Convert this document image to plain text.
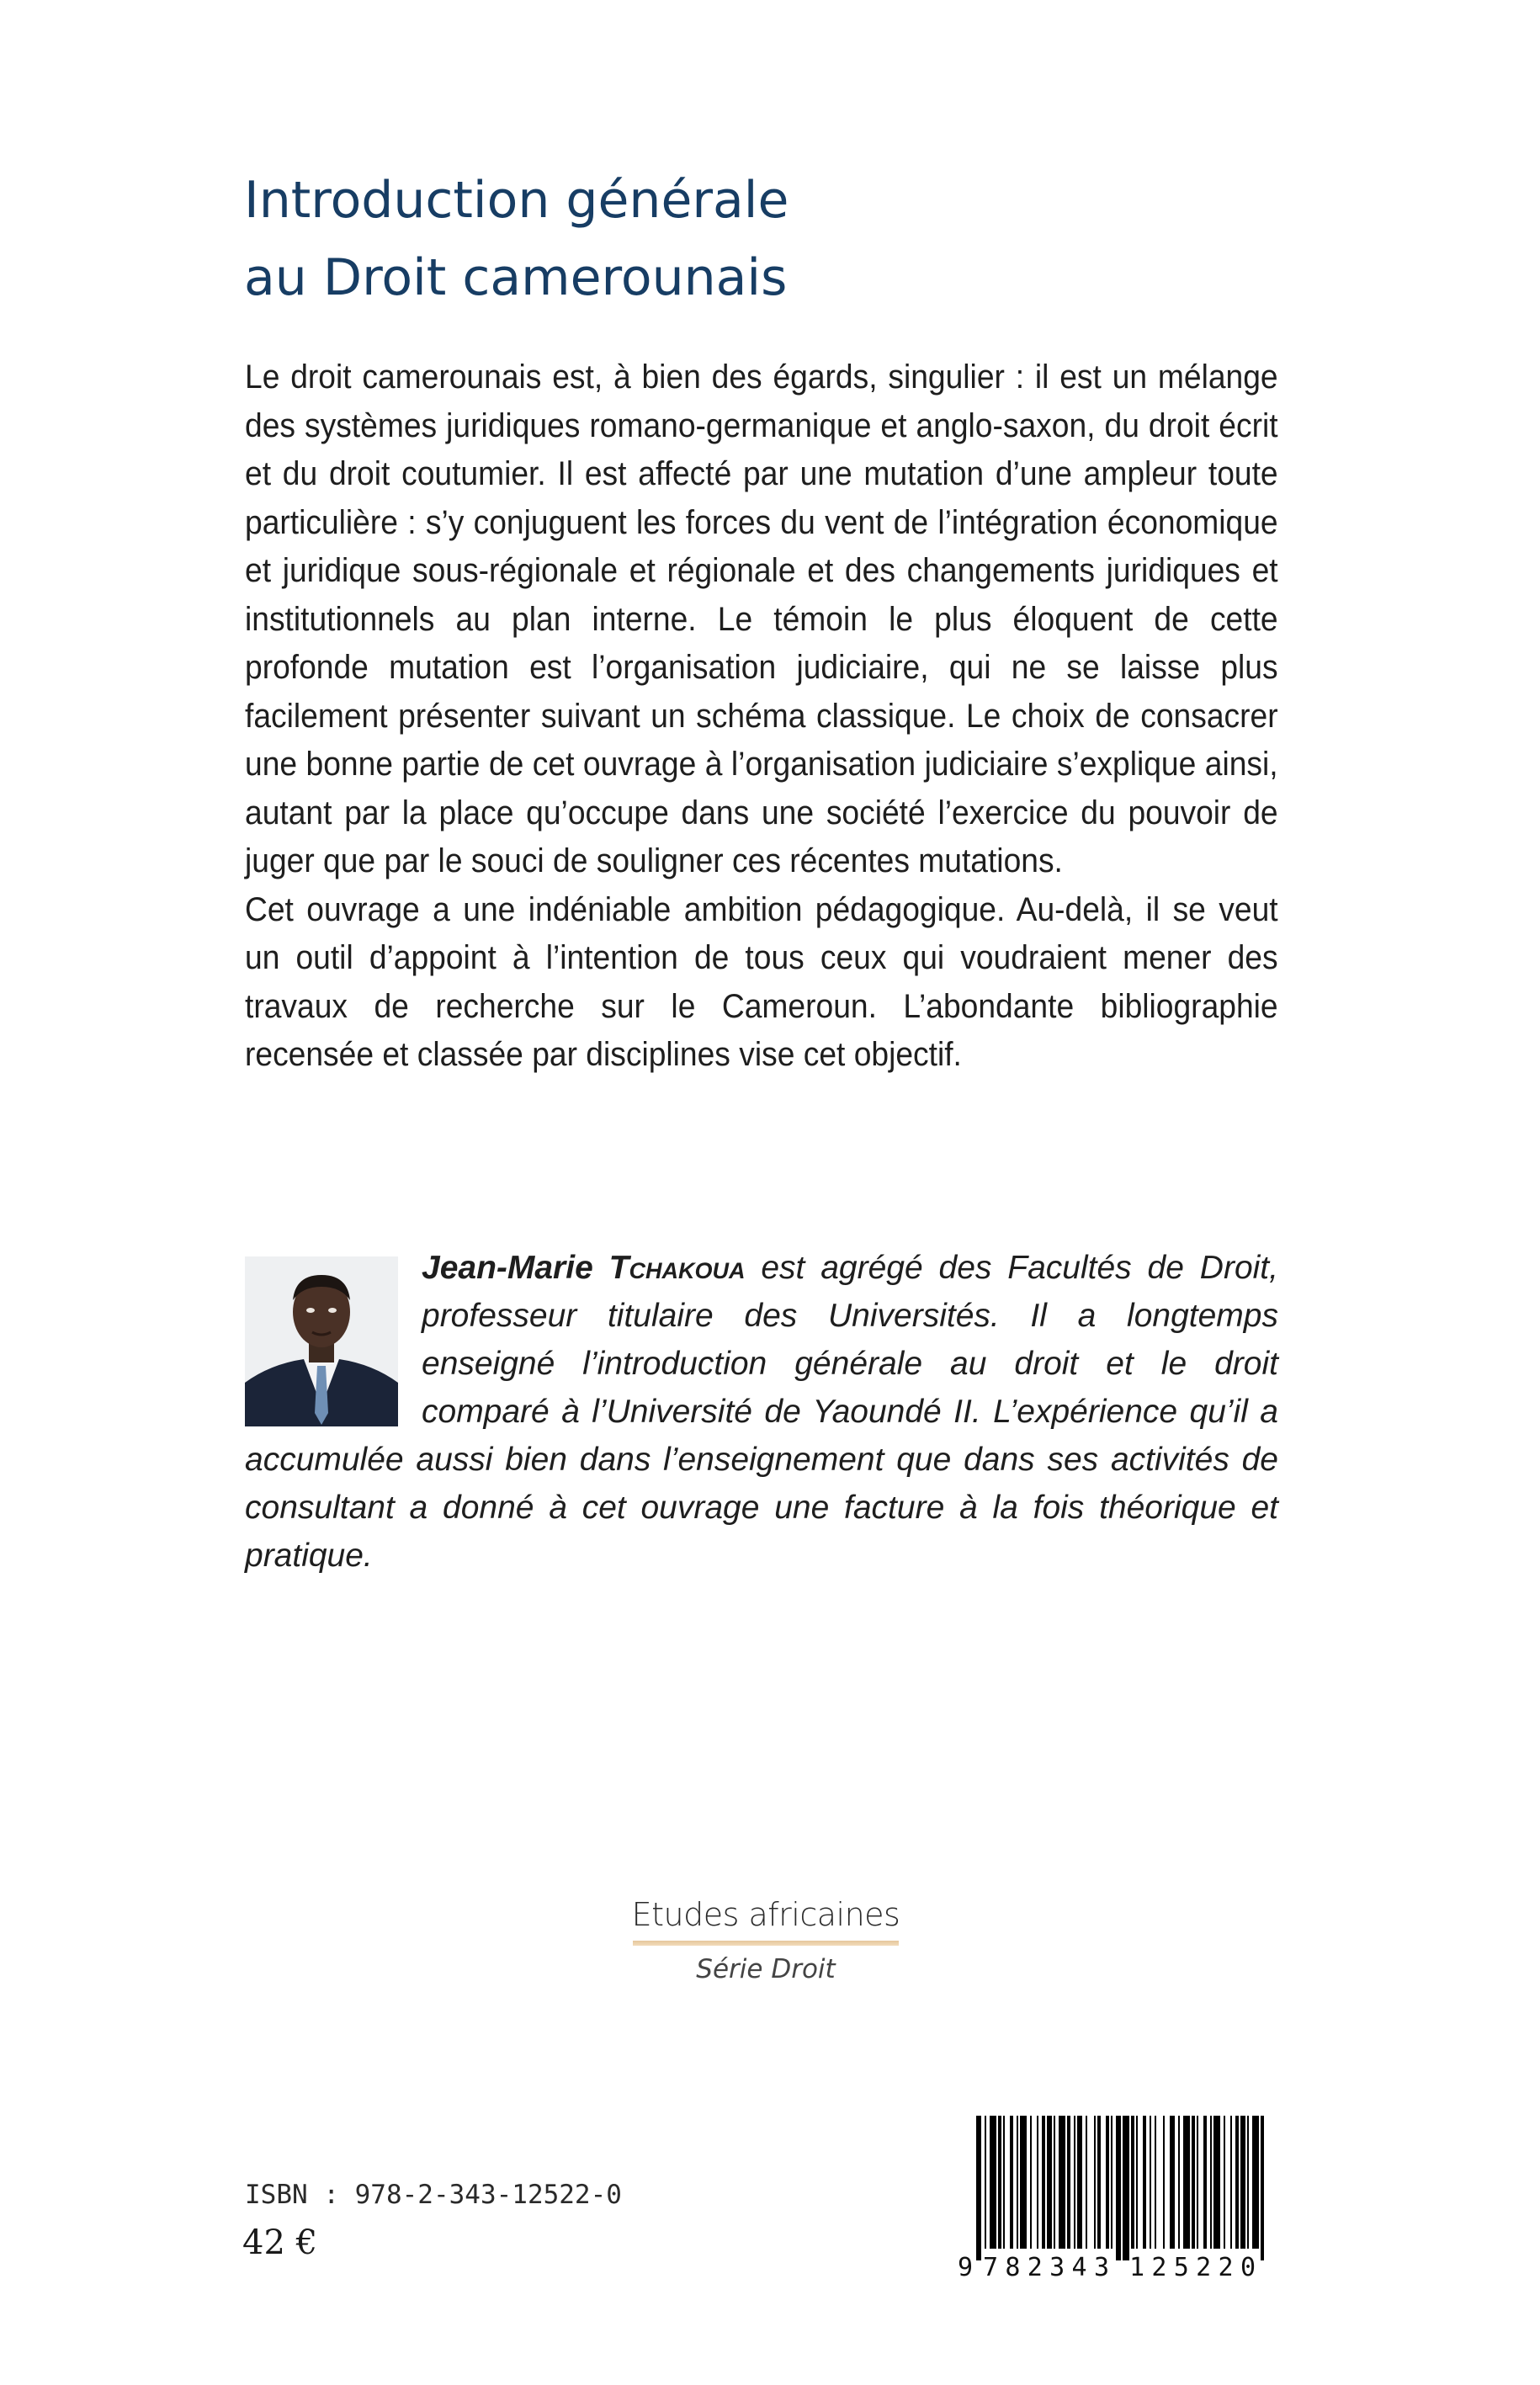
Introduction générale
au Droit camerounais

Le droit camerounais est, à bien des égards, singulier : il est un mélange des systèmes juridiques romano-germanique et anglo-saxon, du droit écrit et du droit coutumier. Il est affecté par une mutation d’une ampleur toute particulière : s’y conjuguent les forces du vent de l’intégration économique et juridique sous-régionale et régionale et des changements juridiques et institutionnels au plan interne. Le témoin le plus éloquent de cette profonde mutation est l’organisation judiciaire, qui ne se laisse plus facilement présenter suivant un schéma classique. Le choix de consacrer une bonne partie de cet ouvrage à l’organisation judiciaire s’explique ainsi, autant par la place qu’occupe dans une société l’exercice du pouvoir de juger que par le souci de souligner ces récentes mutations.

Cet ouvrage a une indéniable ambition pédagogique. Au-delà, il se veut un outil d’appoint à l’intention de tous ceux qui voudraient mener des travaux de recherche sur le Cameroun. L’abondante bibliographie recensée et classée par disciplines vise cet objectif.

Jean-Marie Tchakoua est agrégé des Facultés de Droit, professeur titulaire des Universités. Il a longtemps enseigné l’introduction générale au droit et le droit comparé à l’Université de Yaoundé II. L’expérience qu’il a accumulée aussi bien dans l’enseignement que dans ses activités de consultant a donné à cet ouvrage une facture à la fois théorique et pratique.

Etudes africaines
Série Droit
ISBN : 978-2-343-12522-0
42 €
9 782343 125220
